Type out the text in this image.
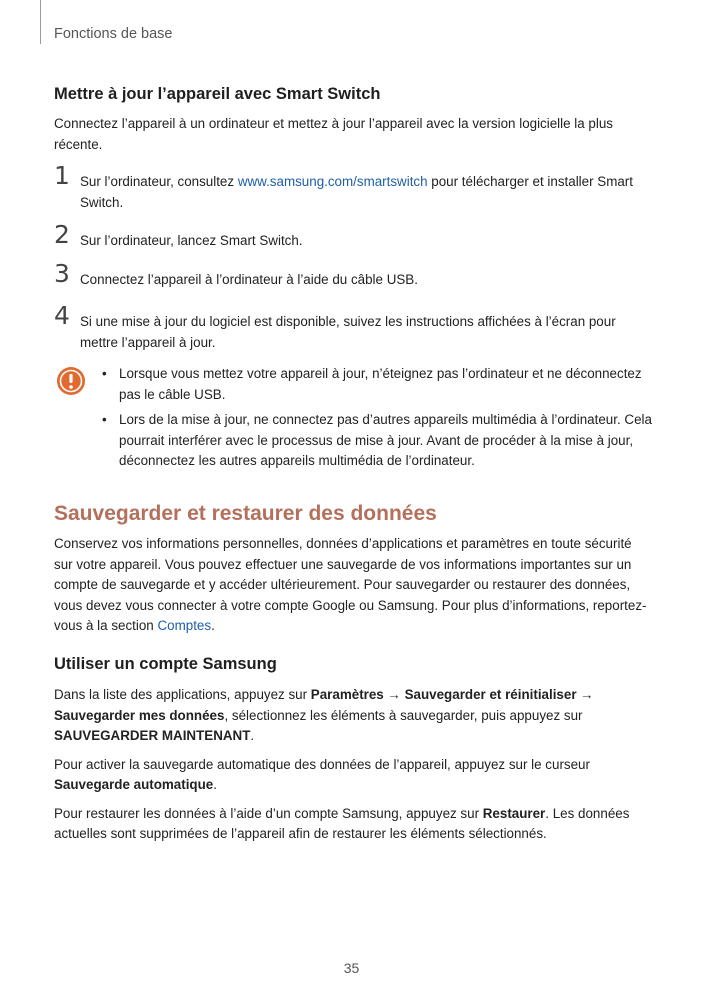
Fonctions de base
Mettre à jour l’appareil avec Smart Switch
Connectez l’appareil à un ordinateur et mettez à jour l’appareil avec la version logicielle la plus récente.
1 Sur l’ordinateur, consultez www.samsung.com/smartswitch pour télécharger et installer Smart Switch.
2 Sur l’ordinateur, lancez Smart Switch.
3 Connectez l’appareil à l’ordinateur à l’aide du câble USB.
4 Si une mise à jour du logiciel est disponible, suivez les instructions affichées à l’écran pour mettre l’appareil à jour.

• Lorsque vous mettez votre appareil à jour, n’éteignez pas l’ordinateur et ne déconnectez pas le câble USB.

• Lors de la mise à jour, ne connectez pas d’autres appareils multimédia à l’ordinateur. Cela pourrait interférer avec le processus de mise à jour. Avant de procéder à la mise à jour, déconnectez les autres appareils multimédia de l’ordinateur.

Sauvegarder et restaurer des données
Conservez vos informations personnelles, données d’applications et paramètres en toute sécurité sur votre appareil. Vous pouvez effectuer une sauvegarde de vos informations importantes sur un compte de sauvegarde et y accéder ultérieurement. Pour sauvegarder ou restaurer des données, vous devez vous connecter à votre compte Google ou Samsung. Pour plus d’informations, reportez-vous à la section Comptes.
Utiliser un compte Samsung

Dans la liste des applications, appuyez sur Paramètres → Sauvegarder et réinitialiser → Sauvegarder mes données, sélectionnez les éléments à sauvegarder, puis appuyez sur SAUVEGARDER MAINTENANT.

Pour activer la sauvegarde automatique des données de l’appareil, appuyez sur le curseur Sauvegarde automatique.

Pour restaurer les données à l’aide d’un compte Samsung, appuyez sur Restaurer. Les données actuelles sont supprimées de l’appareil afin de restaurer les éléments sélectionnés.

35
